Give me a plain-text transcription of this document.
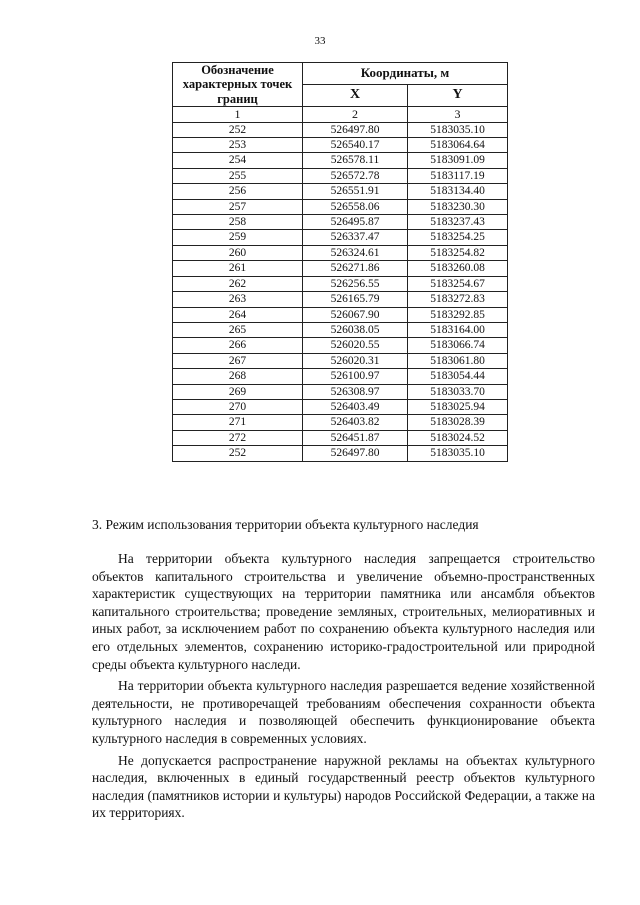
33
Обозначение характерных точек границ	Координаты, м	
	X	Y
1	2	3
252	526497.80	5183035.10
253	526540.17	5183064.64
254	526578.11	5183091.09
255	526572.78	5183117.19
256	526551.91	5183134.40
257	526558.06	5183230.30
258	526495.87	5183237.43
259	526337.47	5183254.25
260	526324.61	5183254.82
261	526271.86	5183260.08
262	526256.55	5183254.67
263	526165.79	5183272.83
264	526067.90	5183292.85
265	526038.05	5183164.00
266	526020.55	5183066.74
267	526020.31	5183061.80
268	526100.97	5183054.44
269	526308.97	5183033.70
270	526403.49	5183025.94
271	526403.82	5183028.39
272	526451.87	5183024.52
252	526497.80	5183035.10
3. Режим использования территории объекта культурного наследия

На территории объекта культурного наследия запрещается строительство объектов капитального строительства и увеличение объемно-пространственных характеристик существующих на территории памятника или ансамбля объектов капитального строительства; проведение земляных, строительных, мелиоративных и иных работ, за исключением работ по сохранению объекта культурного наследия или его отдельных элементов, сохранению историко-градостроительной или природной среды объекта культурного наследи.

На территории объекта культурного наследия разрешается ведение хозяйственной деятельности, не противоречащей требованиям обеспечения сохранности объекта культурного наследия и позволяющей обеспечить функционирование объекта культурного наследия в современных условиях.

Не допускается распространение наружной рекламы на объектах культурного наследия, включенных в единый государственный реестр объектов культурного наследия (памятников истории и культуры) народов Российской Федерации, а также на их территориях.
